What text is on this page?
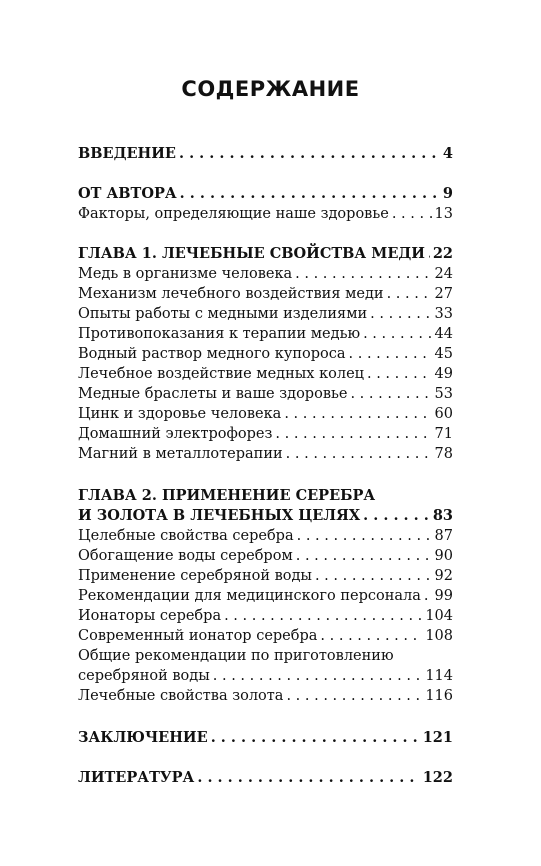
СОДЕРЖАНИЕ
ВВЕДЕНИЕ . . .	4
ОТ АВТОРА . . .	9
Факторы, определяющие наше здоровье . . .	13
ГЛАВА 1. ЛЕЧЕБНЫЕ СВОЙСТВА МЕДИ . . . 22
Медь в организме человека . . .	24
Механизм лечебного воздействия меди . . .	27
Опыты работы с медными изделиями . . .	33
Противопоказания к терапии медью . . .	44
Водный раствор медного купороса . . .	45
Лечебное воздействие медных колец . . .	49
Медные браслеты и ваше здоровье . . .	53
Цинк и здоровье человека . . .	60
Домашний электрофорез . . .	71
Магний в металлотерапии . . .	78
ГЛАВА 2. ПРИМЕНЕНИЕ СЕРЕБРА
И ЗОЛОТА В ЛЕЧЕБНЫХ ЦЕЛЯХ . . .	83
Целебные свойства серебра . . .	87
Обогащение воды серебром . . .	90
Применение серебряной воды . . .	92
Рекомендации для медицинского персонала . . . 99
Ионаторы серебра . . .	104
Современный ионатор серебра . . .	108
Общие рекомендации по приготовлению
серебряной воды . . .	114
Лечебные свойства золота . . .	116
ЗАКЛЮЧЕНИЕ . . .	121
ЛИТЕРАТУРА . . .	122
